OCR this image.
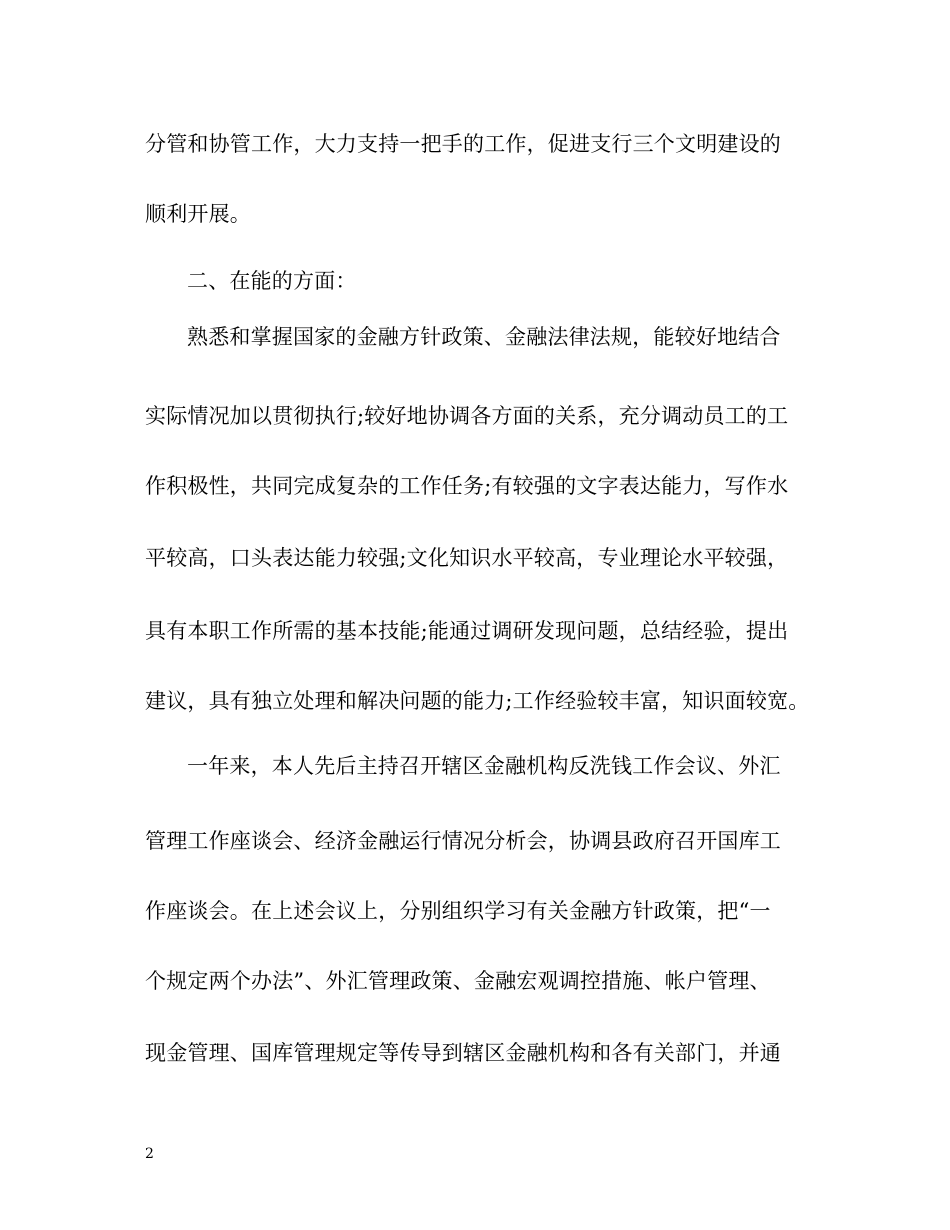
分管和协管工作，大力支持一把手的工作，促进支行三个文明建设的
顺利开展。
二、在能的方面：
熟悉和掌握国家的金融方针政策、金融法律法规，能较好地结合
实际情况加以贯彻执行;较好地协调各方面的关系，充分调动员工的工
作积极性，共同完成复杂的工作任务;有较强的文字表达能力，写作水
平较高，口头表达能力较强;文化知识水平较高，专业理论水平较强，
具有本职工作所需的基本技能;能通过调研发现问题，总结经验，提出
建议，具有独立处理和解决问题的能力;工作经验较丰富，知识面较宽。
一年来，本人先后主持召开辖区金融机构反洗钱工作会议、外汇
管理工作座谈会、经济金融运行情况分析会，协调县政府召开国库工
作座谈会。在上述会议上，分别组织学习有关金融方针政策，把“一
个规定两个办法”、外汇管理政策、金融宏观调控措施、帐户管理、
现金管理、国库管理规定等传导到辖区金融机构和各有关部门，并通
2
